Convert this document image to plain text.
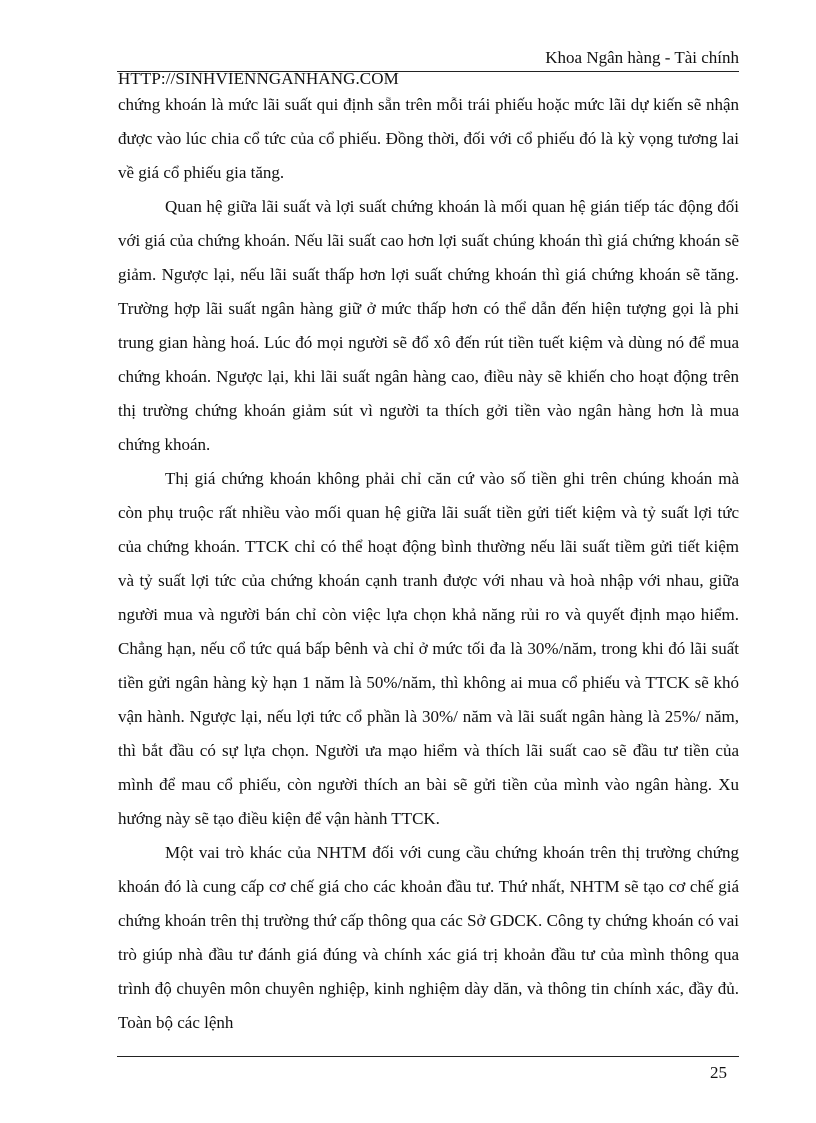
Khoa Ngân hàng - Tài chính
HTTP://SINHVIENNGANHANG.COM

chứng khoán là mức lãi suất qui định sẵn trên mỗi trái phiếu hoặc mức lãi dự kiến sẽ nhận được vào lúc chia cổ tức của cổ phiếu. Đồng thời, đối với cổ phiếu đó là kỳ vọng tương lai về giá cổ phiếu gia tăng.

Quan hệ giữa lãi suất và lợi suất chứng khoán là mối quan hệ gián tiếp tác động đối với giá của chứng khoán. Nếu lãi suất cao hơn lợi suất chúng khoán thì giá chứng khoán sẽ giảm. Ngược lại, nếu lãi suất thấp hơn lợi suất chứng khoán thì giá chứng khoán sẽ tăng. Trường hợp lãi suất ngân hàng giữ ở mức thấp hơn có thể dẫn đến hiện tượng gọi là phi trung gian hàng hoá. Lúc đó mọi người sẽ đổ xô đến rút tiền tuết kiệm và dùng nó để mua chứng khoán. Ngược lại, khi lãi suất ngân hàng cao, điều này sẽ khiến cho hoạt động trên thị trường chứng khoán giảm sút vì người ta thích gởi tiền vào ngân hàng hơn là mua chứng khoán.

Thị giá chứng khoán không phải chỉ căn cứ vào số tiền ghi trên chúng khoán mà còn phụ truộc rất nhiều vào mối quan hệ giữa lãi suất tiền gửi tiết kiệm và tỷ suất lợi tức của chứng khoán. TTCK chỉ có thể hoạt động bình thường nếu lãi suất tiềm gửi tiết kiệm và tỷ suất lợi tức của chứng khoán cạnh tranh được với nhau và hoà nhập với nhau, giữa người mua và người bán chỉ còn việc lựa chọn khả năng rủi ro và quyết định mạo hiểm. Chẳng hạn, nếu cổ tức quá bấp bênh và chỉ ở mức tối đa là 30%/năm, trong khi đó lãi suất tiền gửi ngân hàng kỳ hạn 1 năm là 50%/năm, thì không ai mua cổ phiếu và TTCK sẽ khó vận hành. Ngược lại, nếu lợi tức cổ phần là 30%/ năm và lãi suất ngân hàng là 25%/ năm, thì bắt đầu có sự lựa chọn. Người ưa mạo hiểm và thích lãi suất cao sẽ đầu tư tiền của mình để mau cổ phiếu, còn người thích an bài sẽ gửi tiền của mình vào ngân hàng. Xu hướng này sẽ tạo điều kiện để vận hành TTCK.

Một vai trò khác của NHTM đối với cung cầu chứng khoán trên thị trường chứng khoán đó là cung cấp cơ chế giá cho các khoản đầu tư. Thứ nhất, NHTM sẽ tạo cơ chế giá chứng khoán trên thị trường thứ cấp thông qua các Sở GDCK. Công ty chứng khoán có vai trò giúp nhà đầu tư đánh giá đúng và chính xác giá trị khoản đầu tư của mình thông qua trình độ chuyên môn chuyên nghiệp, kinh nghiệm dày dăn, và thông tin chính xác, đầy đủ. Toàn bộ các lệnh

25
